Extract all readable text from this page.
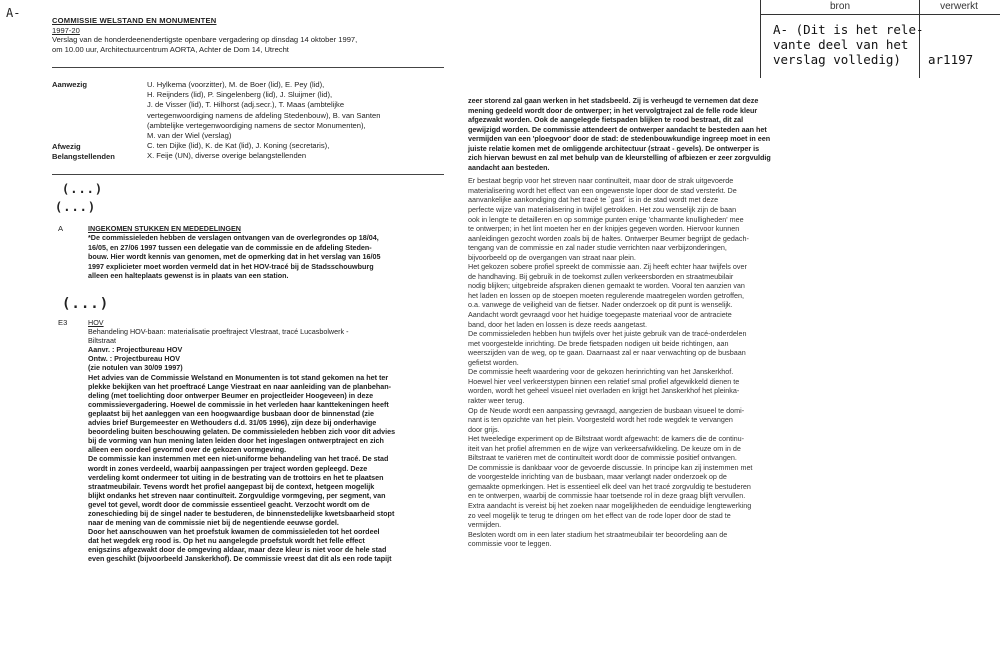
A-
COMMISSIE WELSTAND EN MONUMENTEN
1997-20
Verslag van de honderdeenendertigste openbare vergadering op dinsdag 14 oktober 1997,
om 10.00 uur, Architectuurcentrum AORTA, Achter de Dom 14, Utrecht
bron
A- (Dit is het rele-
vante deel van het
verslag volledig)
verwerkt
ar1197
Aanwezig
Afwezig
Belangstellenden
U. Hylkema (voorzitter), M. de Boer (lid), E. Pey (lid),
H. Reijnders (lid), P. Singelenberg (lid), J. Sluijmer (lid),
J. de Visser (lid), T. Hilhorst (adj.secr.), T. Maas (ambtelijke
vertegenwoordiging namens de afdeling Stedenbouw), B. van Santen
(ambtelijke vertegenwoordiging namens de sector Monumenten),
M. van der Wiel (verslag)
C. ten Dijke (lid), K. de Kat (lid), J. Koning (secretaris),
X. Feije (UN), diverse overige belangstellenden
(...)
(...)
A	INGEKOMEN STUKKEN EN MEDEDELINGEN
*De commissieleden hebben de verslagen ontvangen van de overlegrondes op 18/04,
16/05, en 27/06 1997 tussen een delegatie van de commissie en de afdeling Steden-
bouw. Hier wordt kennis van genomen, met de opmerking dat in het verslag van 16/05
1997 explicieter moet worden vermeld dat in het HOV-tracé bij de Stadsschouwburg
alleen een halteplaats gewenst is in plaats van een station.
(...)
E3	HOV
Behandeling HOV-baan: materialisatie proeftraject Vlestraat, tracé Lucasbolwerk -
Biltstraat
Aanvr. : Projectbureau HOV
Ontw. : Projectbureau HOV
(zie notulen van 30/09 1997)
Het advies van de Commissie Welstand en Monumenten is tot stand gekomen na het ter
plekke bekijken van het proeftracé Lange Viestraat en naar aanleiding van de planbehan-
deling (met toelichting door ontwerper Beumer en projectleider Hoogeveen) in deze
commissievergadering. Hoewel de commissie in het verleden haar kanttekeningen heeft
geplaatst bij het aanleggen van een hoogwaardige busbaan door de binnenstad (zie
advies brief Burgemeester en Wethouders d.d. 31/05 1996), zijn deze bij onderhavige
beoordeling buiten beschouwing gelaten. De commissieleden hebben zich voor dit advies
bij de vorming van hun mening laten leiden door het ingeslagen ontwerptraject en zich
alleen een oordeel gevormd over de gekozen vormgeving.
De commissie kan instemmen met een niet-uniforme behandeling van het tracé. De stad
wordt in zones verdeeld, waarbij aanpassingen per traject worden gepleegd. Deze
verdeling komt ondermeer tot uiting in de bestrating van de trottoirs en het te plaatsen
straatmeubilair. Tevens wordt het profiel aangepast bij de context, hetgeen mogelijk
blijkt ondanks het streven naar continuïteit. Zorgvuldige vormgeving, per segment, van
gevel tot gevel, wordt door de commissie essentieel geacht. Verzocht wordt om de
zoneschieding bij de singel nader te bestuderen, de binnenstedelijke kwetsbaarheid stopt
naar de mening van de commissie niet bij de negentiende eeuwse gordel.
Door het aanschouwen van het proefstuk kwamen de commissieleden tot het oordeel
dat het wegdek erg rood is. Op het nu aangelegde proefstuk wordt het felle effect
enigszins afgezwakt door de omgeving aldaar, maar deze kleur is niet voor de hele stad
even geschikt (bijvoorbeeld Janskerkhof). De commissie vreest dat dit als een rode tapijt
zeer storend zal gaan werken in het stadsbeeld. Zij is verheugd te vernemen dat deze
mening gedeeld wordt door de ontwerper; in het vervolgtraject zal de felle rode kleur
afgezwakt worden. Ook de aangelegde fietspaden blijken te rood bestraat, dit zal
gewijzigd worden. De commissie attendeert de ontwerper aandacht te besteden aan het
vermijden van een 'ploegvoor' door de stad: de stedenbouwkundige ingreep moet in een
juiste relatie komen met de omliggende architectuur (straat - gevels). De ontwerper is
zich hiervan bewust en zal met behulp van de kleurstelling of afbiezen er zeer zorgvuldig
aandacht aan besteden.
Er bestaat begrip voor het streven naar continuïteit, maar door de strak uitgevoerde
materialisering wordt het effect van een ongewenste loper door de stad versterkt. De
aanvankelijke aankondiging dat het tracé te `gast´ is in de stad wordt met deze
perfecte wijze van materialisering in twijfel getrokken. Het zou wenselijk zijn de baan
ook in lengte te detailleren en op sommige punten enige 'charmante knulligheden' mee
te ontwerpen; in het lint moeten her en der knipjes gegeven worden. Hiervoor kunnen
aanleidingen gezocht worden zoals bij de haltes. Ontwerper Beumer begrijpt de gedach-
tengang van de commissie en zal nader studie verrichten naar verbijzonderingen,
bijvoorbeeld op de overgangen van straat naar plein.
Het gekozen sobere profiel spreekt de commissie aan. Zij heeft echter haar twijfels over
de handhaving. Bij gebruik in de toekomst zullen verkeersborden en straatmeubilair
nodig blijken; uitgebreide afspraken dienen gemaakt te worden. Vooral ten aanzien van
het laden en lossen op de stoepen moeten regulerende maatregelen worden getroffen,
o.a. vanwege de veiligheid van de fietser. Nader onderzoek op dit punt is wenselijk.
Aandacht wordt gevraagd voor het huidige toegepaste materiaal voor de antraciete
band, door het laden en lossen is deze reeds aangetast.
De commissieleden hebben hun twijfels over het juiste gebruik van de tracé-onderdelen
met voorgestelde inrichting. De brede fietspaden nodigen uit beide richtingen, aan
weerszijden van de weg, op te gaan. Daarnaast zal er naar verwachting op de busbaan
gefietst worden.
De commissie heeft waardering voor de gekozen herinrichting van het Janskerkhof.
Hoewel hier veel verkeerstypen binnen een relatief smal profiel afgewikkeld dienen te
worden, wordt het geheel visueel niet overladen en krijgt het Janskerkhof het pleinka-
rakter weer terug.
Op de Neude wordt een aanpassing gevraagd, aangezien de busbaan visueel te domi-
nant is ten opzichte van het plein. Voorgesteld wordt het rode wegdek te vervangen
door grijs.
Het tweeledige experiment op de Biltstraat wordt afgewacht: de kamers die de continu-
iteit van het profiel afremmen en de wijze van verkeersafwikkeling. De keuze om in de
Biltstraat te variëren met de continuïteit wordt door de commissie positief ontvangen.
De commissie is dankbaar voor de gevoerde discussie. In principe kan zij instemmen met
de voorgestelde inrichting van de busbaan, maar verlangt nader onderzoek op de
gemaakte opmerkingen. Het is essentieel elk deel van het tracé zorgvuldig te bestuderen
en te ontwerpen, waarbij de commissie haar toetsende rol in deze graag blijft vervullen.
Extra aandacht is vereist bij het zoeken naar mogelijkheden de eenduidige lengtewerking
zo veel mogelijk te terug te dringen om het effect van de rode loper door de stad te
vermijden.
Besloten wordt om in een later stadium het straatmeubilair ter beoordeling aan de
commissie voor te leggen.
